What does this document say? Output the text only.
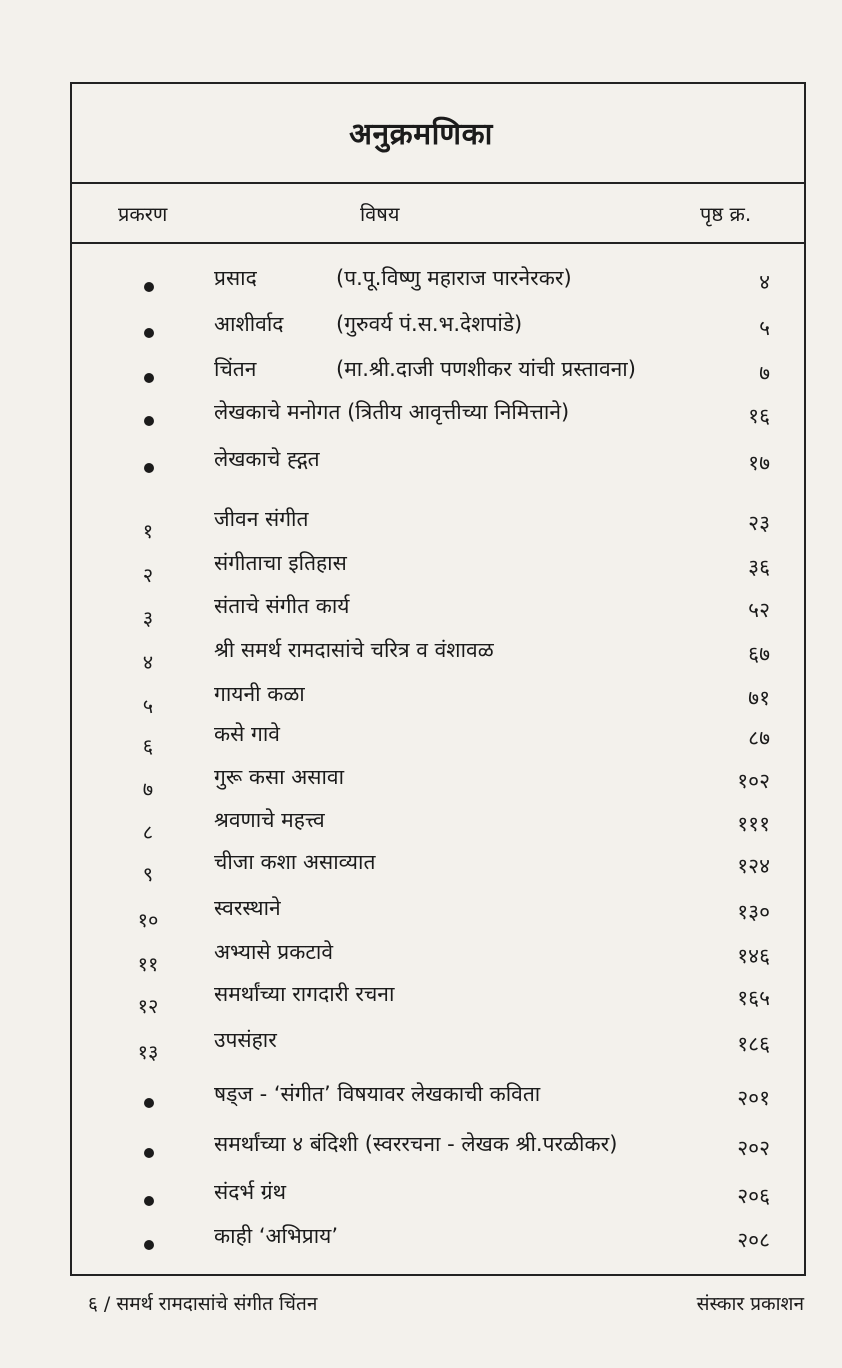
अनुक्रमणिका
प्रकरण	विषय	पृष्ठ क्र.
प्रसाद	(प.पू.विष्णु महाराज पारनेरकर)	४
आशीर्वाद	(गुरुवर्य पं.स.भ.देशपांडे)	५
चिंतन	(मा.श्री.दाजी पणशीकर यांची प्रस्तावना)	७
लेखकाचे मनोगत (त्रितीय आवृत्तीच्या निमित्ताने)	१६
लेखकाचे ह्द्गत	१७
१	जीवन संगीत	२३
२	संगीताचा इतिहास	३६
३	संताचे संगीत कार्य	५२
४	श्री समर्थ रामदासांचे चरित्र व वंशावळ	६७
५	गायनी कळा	७१
६	कसे गावे	८७
७	गुरू कसा असावा	१०२
८	श्रवणाचे महत्त्व	१११
९	चीजा कशा असाव्यात	१२४
१०	स्वरस्थाने	१३०
११	अभ्यासे प्रकटावे	१४६
१२	समर्थांच्या रागदारी रचना	१६५
१३	उपसंहार	१८६
षड्ज - ‘संगीत’ विषयावर लेखकाची कविता	२०१
समर्थांच्या ४ बंदिशी (स्वररचना - लेखक श्री.परळीकर)	२०२
संदर्भ ग्रंथ	२०६
काही ‘अभिप्राय’	२०८
६ / समर्थ रामदासांचे संगीत चिंतन	संस्कार प्रकाशन
